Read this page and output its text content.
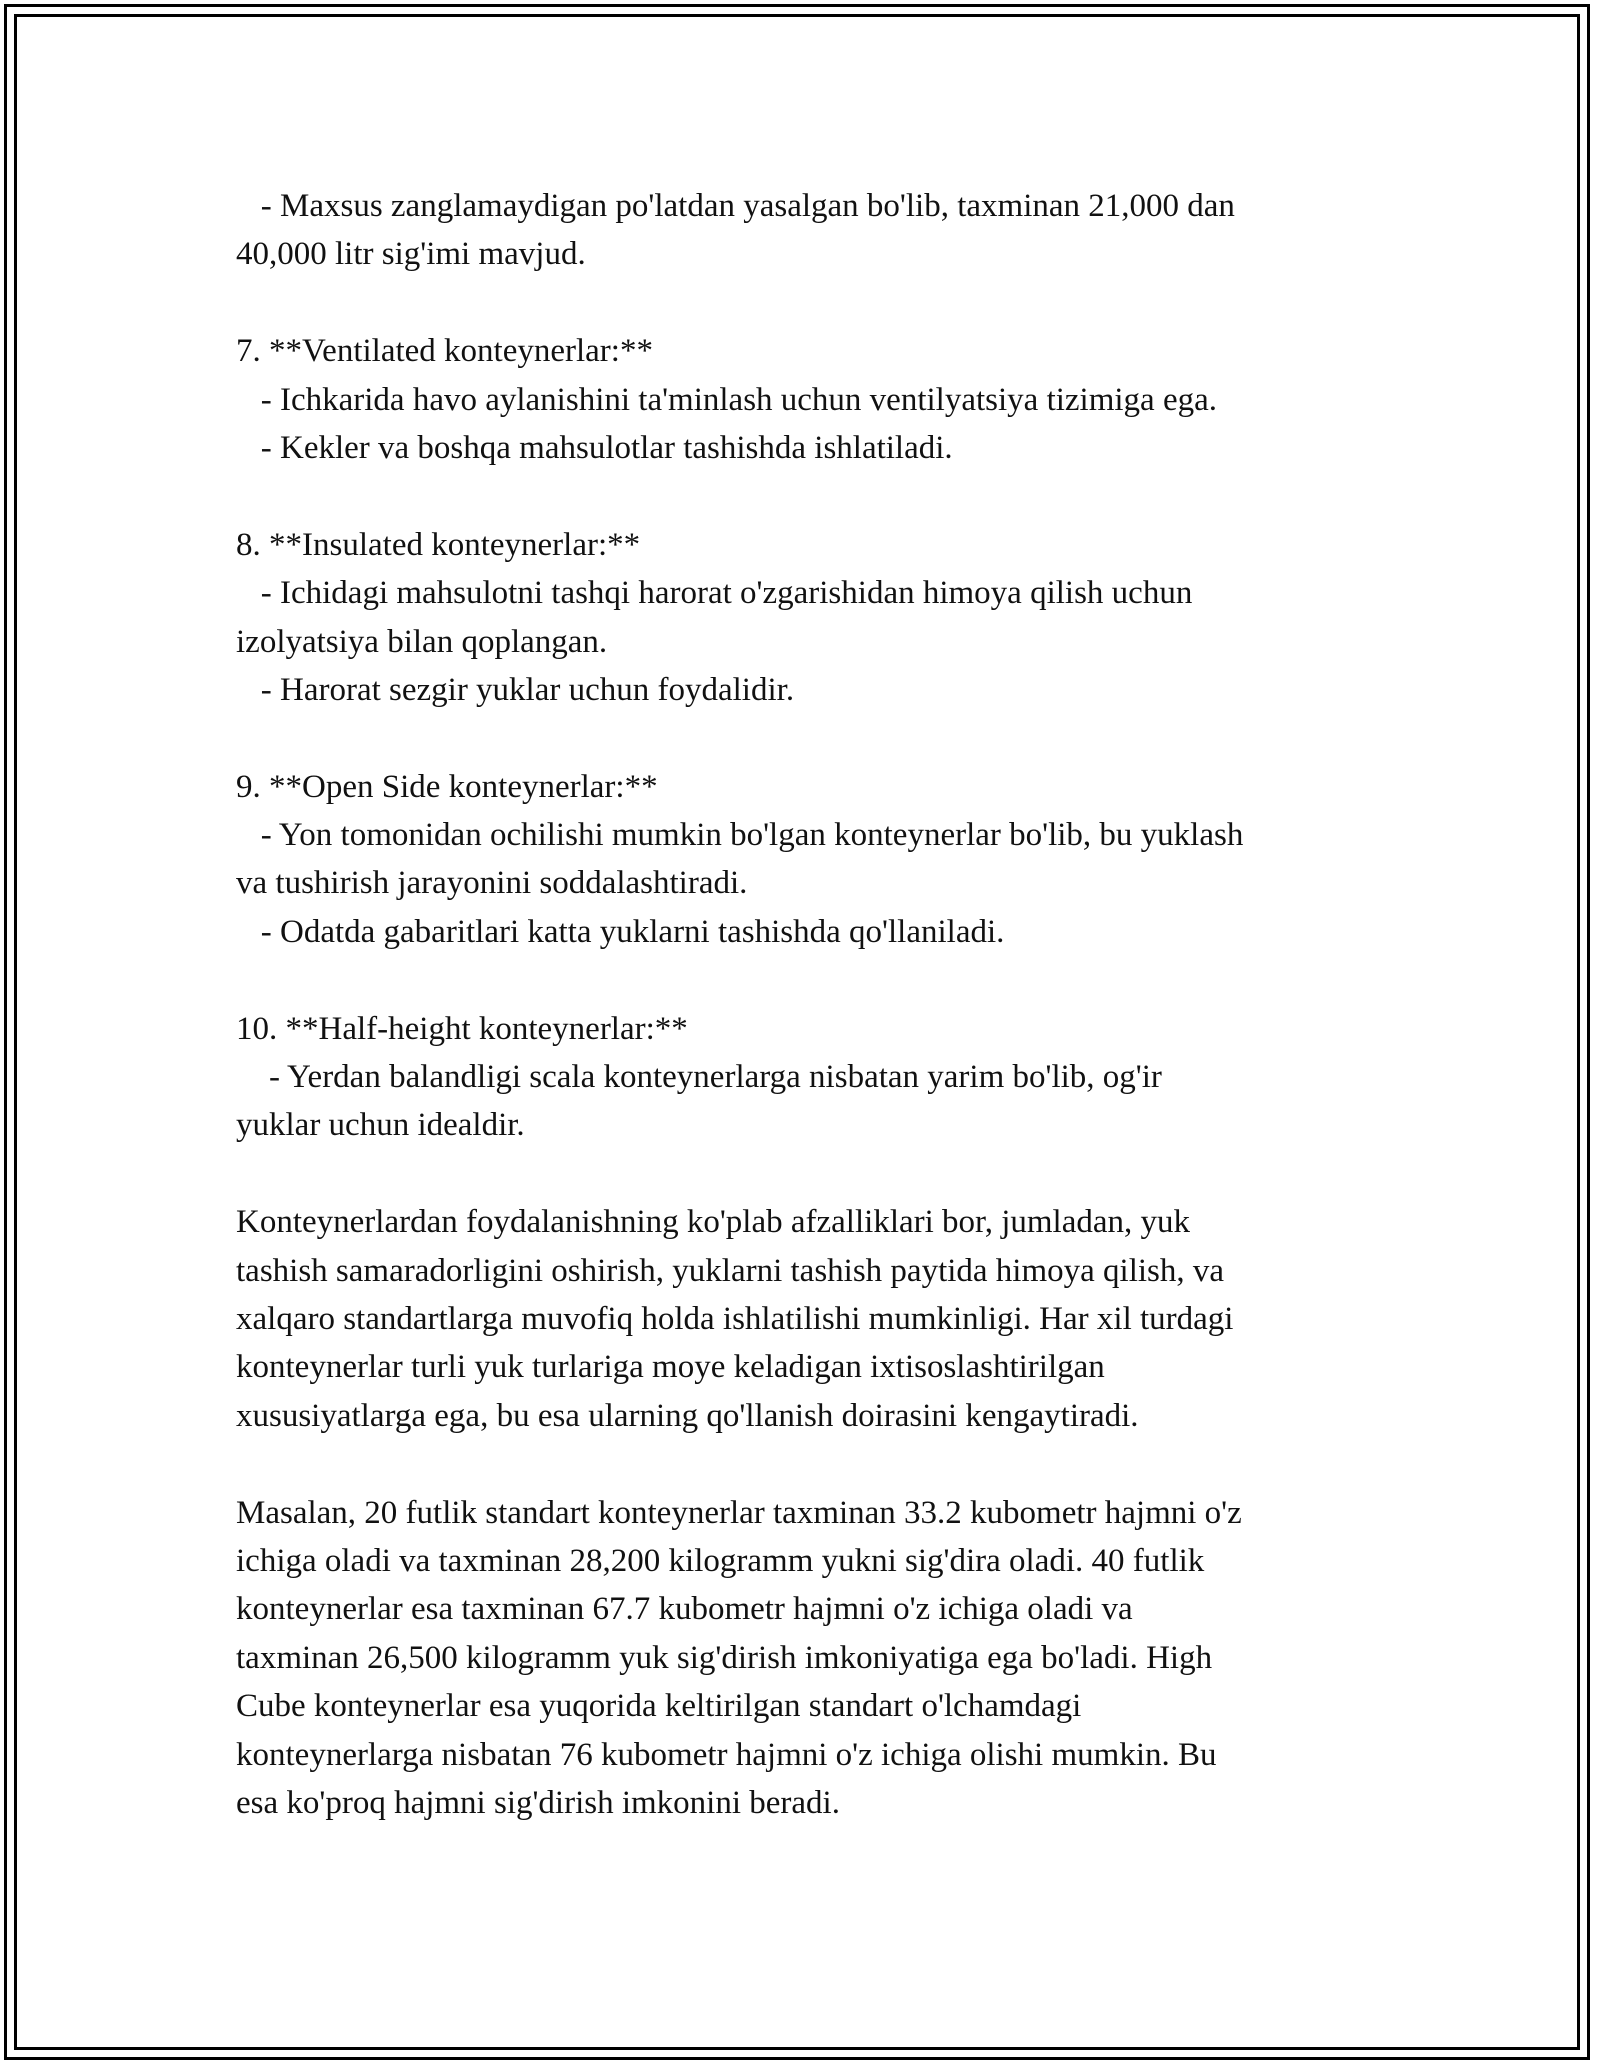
- Maxsus zanglamaydigan po'latdan yasalgan bo'lib, taxminan 21,000 dan
40,000 litr sig'imi mavjud.
7. **Ventilated konteynerlar:**
- Ichkarida havo aylanishini ta'minlash uchun ventilyatsiya tizimiga ega.
- Kekler va boshqa mahsulotlar tashishda ishlatiladi.
8. **Insulated konteynerlar:**
- Ichidagi mahsulotni tashqi harorat o'zgarishidan himoya qilish uchun
izolyatsiya bilan qoplangan.
- Harorat sezgir yuklar uchun foydalidir.
9. **Open Side konteynerlar:**
- Yon tomonidan ochilishi mumkin bo'lgan konteynerlar bo'lib, bu yuklash
va tushirish jarayonini soddalashtiradi.
- Odatda gabaritlari katta yuklarni tashishda qo'llaniladi.
10. **Half-height konteynerlar:**
- Yerdan balandligi scala konteynerlarga nisbatan yarim bo'lib, og'ir
yuklar uchun idealdir.
Konteynerlardan foydalanishning ko'plab afzalliklari bor, jumladan, yuk
tashish samaradorligini oshirish, yuklarni tashish paytida himoya qilish, va
xalqaro standartlarga muvofiq holda ishlatilishi mumkinligi. Har xil turdagi
konteynerlar turli yuk turlariga moye keladigan ixtisoslashtirilgan
xususiyatlarga ega, bu esa ularning qo'llanish doirasini kengaytiradi.
Masalan, 20 futlik standart konteynerlar taxminan 33.2 kubometr hajmni o'z
ichiga oladi va taxminan 28,200 kilogramm yukni sig'dira oladi. 40 futlik
konteynerlar esa taxminan 67.7 kubometr hajmni o'z ichiga oladi va
taxminan 26,500 kilogramm yuk sig'dirish imkoniyatiga ega bo'ladi. High
Cube konteynerlar esa yuqorida keltirilgan standart o'lchamdagi
konteynerlarga nisbatan 76 kubometr hajmni o'z ichiga olishi mumkin. Bu
esa ko'proq hajmni sig'dirish imkonini beradi.
